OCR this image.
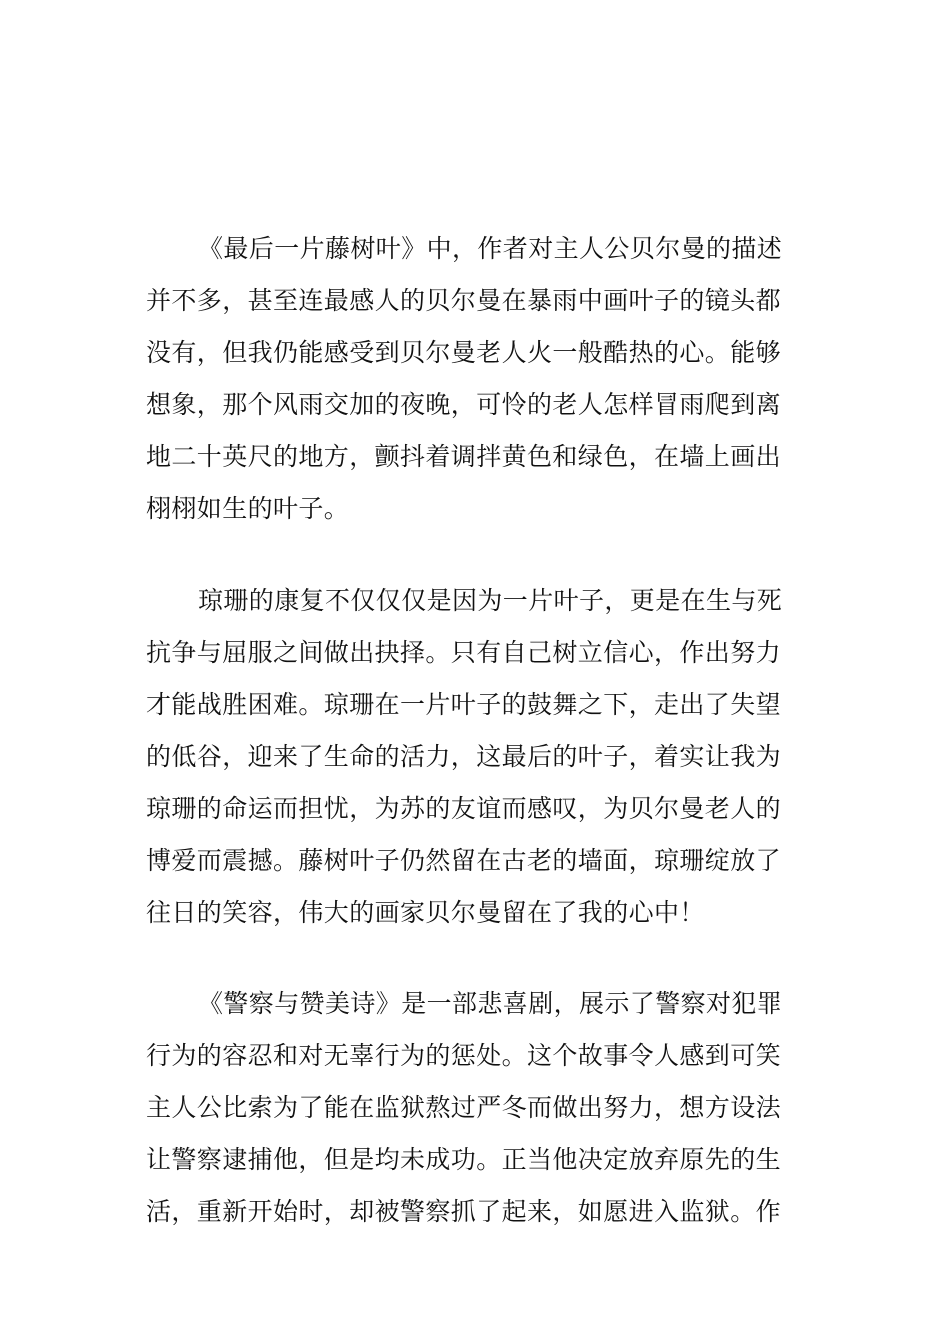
《最后一片藤树叶》中，作者对主人公贝尔曼的描述
并不多，甚至连最感人的贝尔曼在暴雨中画叶子的镜头都
没有，但我仍能感受到贝尔曼老人火一般酷热的心。能够
想象，那个风雨交加的夜晚，可怜的老人怎样冒雨爬到离
地二十英尺的地方，颤抖着调拌黄色和绿色，在墙上画出
栩栩如生的叶子。
琼珊的康复不仅仅仅是因为一片叶子，更是在生与死
抗争与屈服之间做出抉择。只有自己树立信心，作出努力
才能战胜困难。琼珊在一片叶子的鼓舞之下，走出了失望
的低谷，迎来了生命的活力，这最后的叶子，着实让我为
琼珊的命运而担忧，为苏的友谊而感叹，为贝尔曼老人的
博爱而震撼。藤树叶子仍然留在古老的墙面，琼珊绽放了
往日的笑容，伟大的画家贝尔曼留在了我的心中！
《警察与赞美诗》是一部悲喜剧，展示了警察对犯罪
行为的容忍和对无辜行为的惩处。这个故事令人感到可笑
主人公比索为了能在监狱熬过严冬而做出努力，想方设法
让警察逮捕他，但是均未成功。正当他决定放弃原先的生
活，重新开始时，却被警察抓了起来，如愿进入监狱。作
